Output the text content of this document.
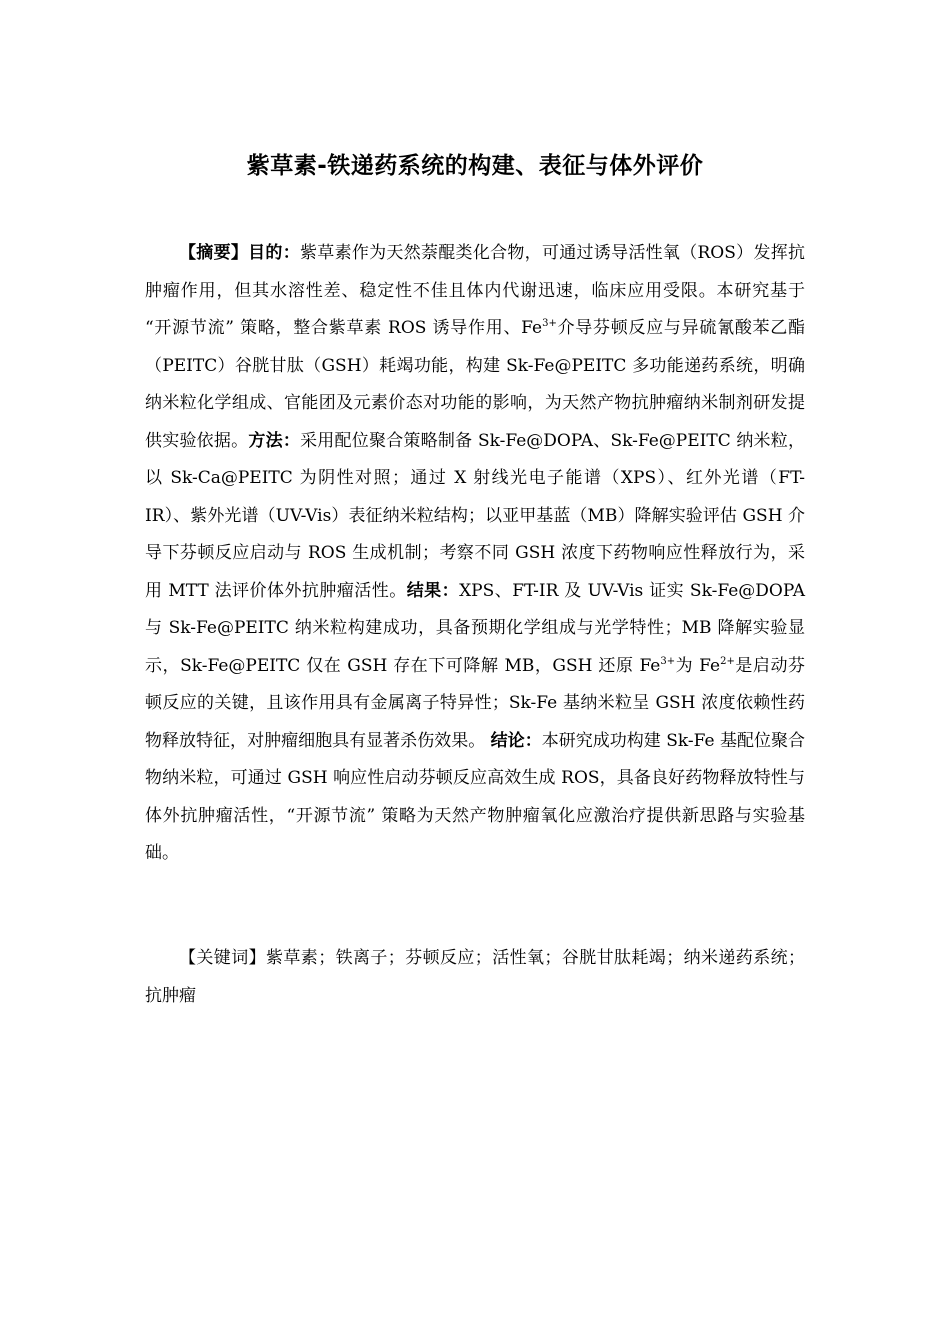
紫草素-铁递药系统的构建、表征与体外评价

【摘要】目的：紫草素作为天然萘醌类化合物，可通过诱导活性氧（ROS）发挥抗肿瘤作用，但其水溶性差、稳定性不佳且体内代谢迅速，临床应用受限。本研究基于 “开源节流” 策略，整合紫草素 ROS 诱导作用、$Fe^{3+}$介导芬顿反应与异硫氰酸苯乙酯（PEITC）谷胱甘肽（GSH）耗竭功能，构建 Sk-Fe@PEITC 多功能递药系统，明确纳米粒化学组成、官能团及元素价态对功能的影响，为天然产物抗肿瘤纳米制剂研发提供实验依据。方法：采用配位聚合策略制备 Sk-Fe@DOPA、Sk-Fe@PEITC 纳米粒，以 Sk-Ca@PEITC 为阴性对照；通过 X 射线光电子能谱（XPS）、红外光谱（FT-IR）、紫外光谱（UV-Vis）表征纳米粒结构；以亚甲基蓝（MB）降解实验评估 GSH 介导下芬顿反应启动与 ROS 生成机制；考察不同 GSH 浓度下药物响应性释放行为，采用 MTT 法评价体外抗肿瘤活性。结果：XPS、FT-IR 及 UV-Vis 证实 Sk-Fe@DOPA 与 Sk-Fe@PEITC 纳米粒构建成功，具备预期化学组成与光学特性；MB 降解实验显示，Sk-Fe@PEITC 仅在 GSH 存在下可降解 MB，GSH 还原 $Fe^{3+}$为 $Fe^{2+}$是启动芬顿反应的关键，且该作用具有金属离子特异性；Sk-Fe 基纳米粒呈 GSH 浓度依赖性药物释放特征，对肿瘤细胞具有显著杀伤效果。 结论：本研究成功构建 Sk-Fe 基配位聚合物纳米粒，可通过 GSH 响应性启动芬顿反应高效生成 ROS，具备良好药物释放特性与体外抗肿瘤活性，“开源节流” 策略为天然产物肿瘤氧化应激治疗提供新思路与实验基础。

【关键词】紫草素；铁离子；芬顿反应；活性氧；谷胱甘肽耗竭；纳米递药系统；抗肿瘤
